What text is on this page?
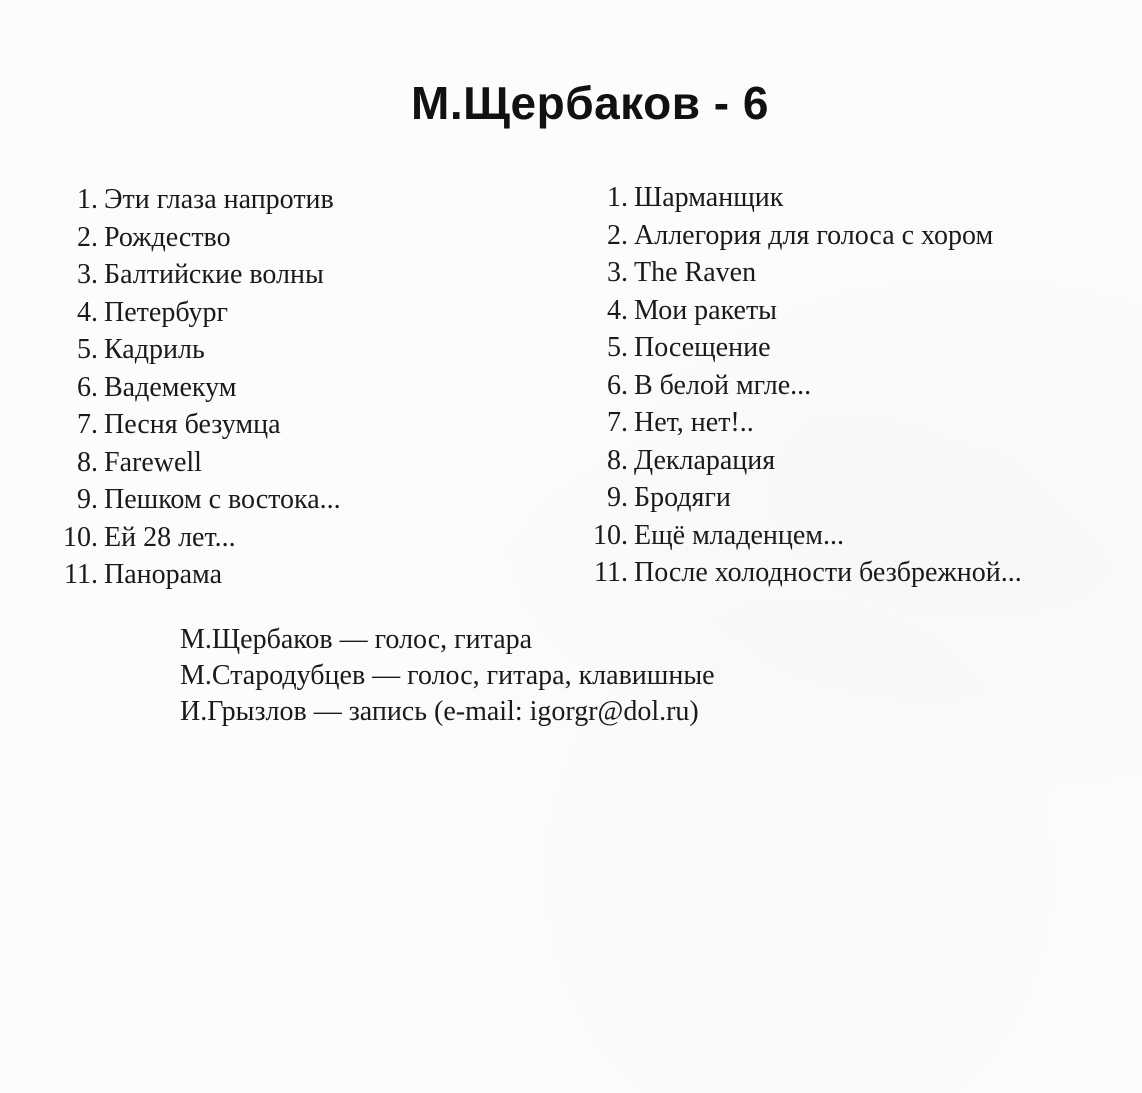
М.Щербаков - 6
1. Эти глаза напротив
2. Рождество
3. Балтийские волны
4. Петербург
5. Кадриль
6. Вадемекум
7. Песня безумца
8. Farewell
9. Пешком с востока...
10. Ей 28 лет...
11. Панорама
1. Шарманщик
2. Аллегория для голоса с хором
3. The Raven
4. Мои ракеты
5. Посещение
6. В белой мгле...
7. Нет, нет!..
8. Декларация
9. Бродяги
10. Ещё младенцем...
11. После холодности безбрежной...
М.Щербаков — голос, гитара
М.Стародубцев — голос, гитара, клавишные
И.Грызлов — запись (e-mail: igorgr@dol.ru)
